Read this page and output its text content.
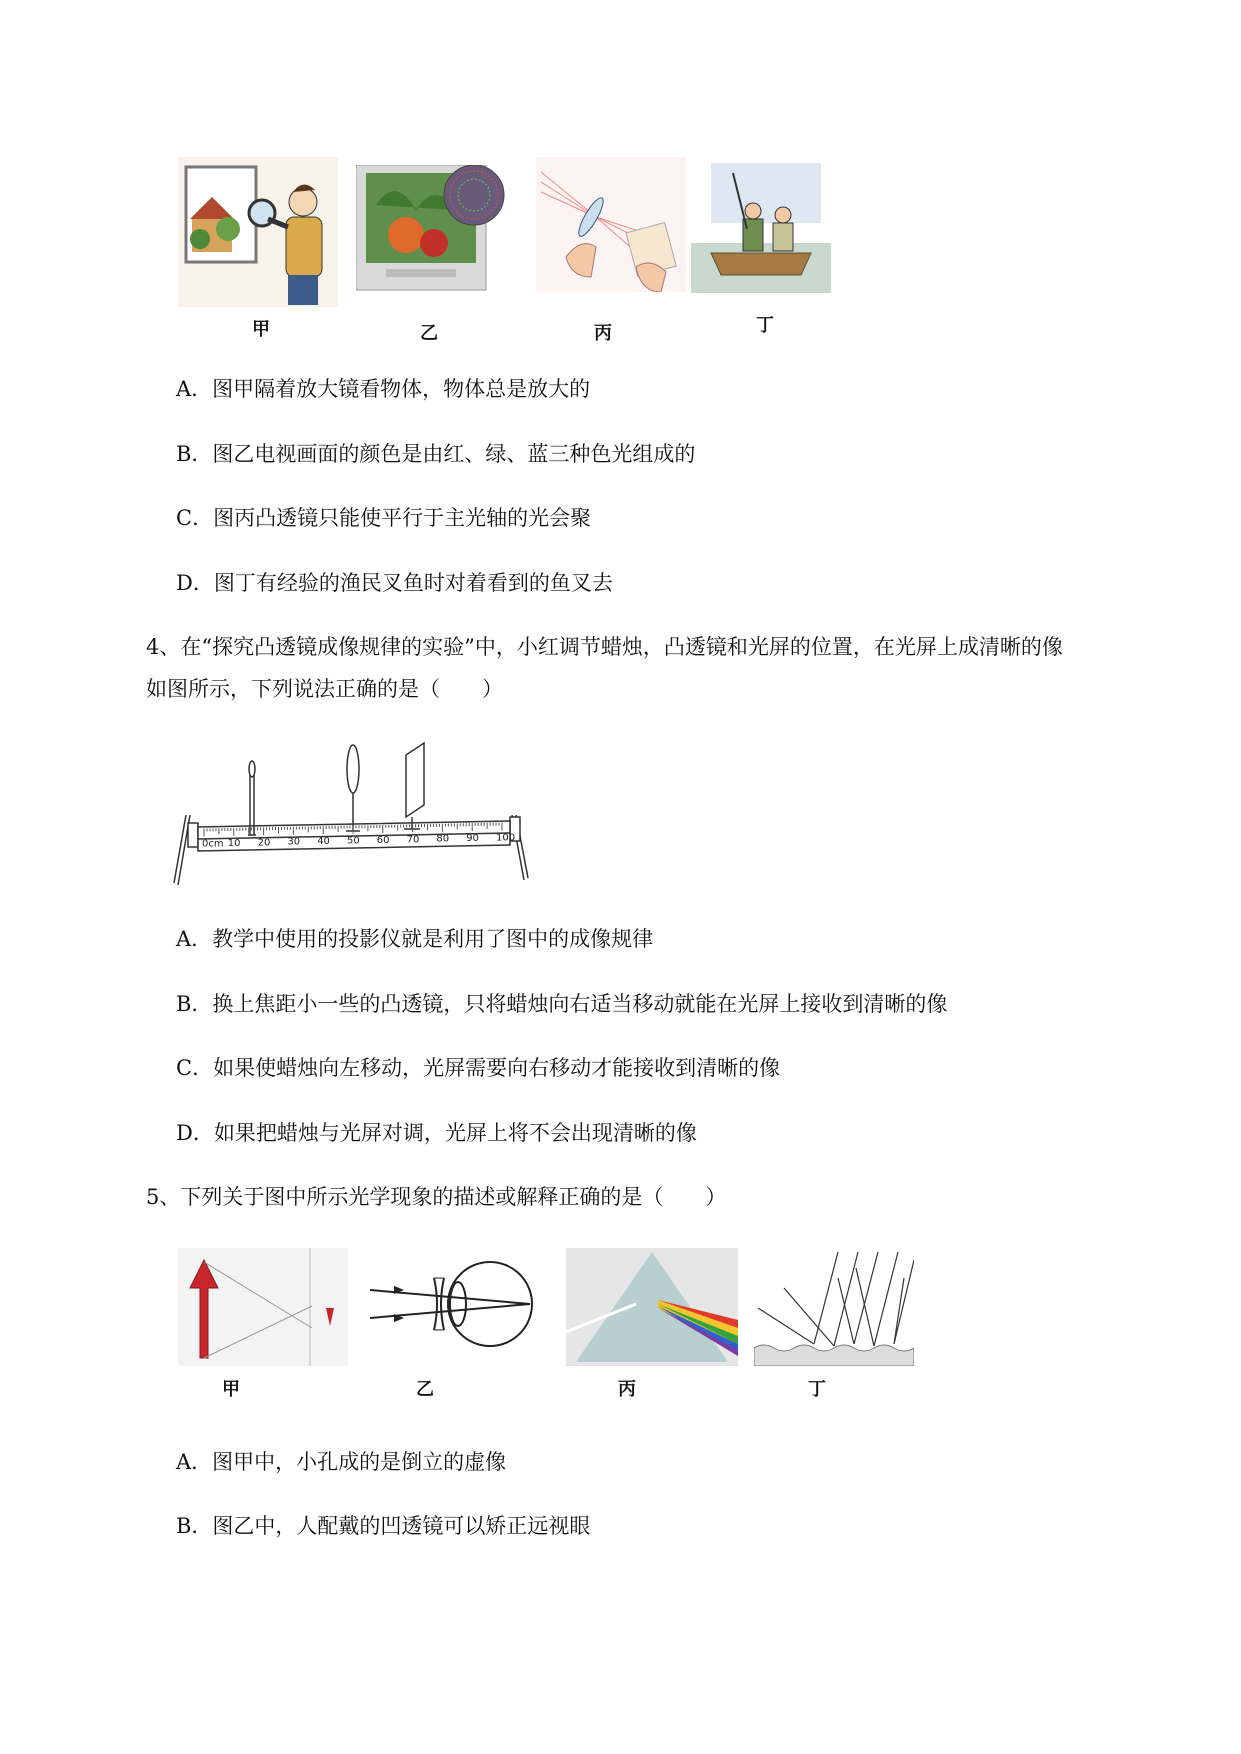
甲	乙	丙	丁
A．图甲隔着放大镜看物体，物体总是放大的
B．图乙电视画面的颜色是由红、绿、蓝三种色光组成的
C．图丙凸透镜只能使平行于主光轴的光会聚
D．图丁有经验的渔民叉鱼时对着看到的鱼叉去
4、在“探究凸透镜成像规律的实验”中，小红调节蜡烛，凸透镜和光屏的位置，在光屏上成清晰的像
如图所示，下列说法正确的是（　　）
0cm 10 20 30 40 50 60 70 80 90 100
A．教学中使用的投影仪就是利用了图中的成像规律
B．换上焦距小一些的凸透镜，只将蜡烛向右适当移动就能在光屏上接收到清晰的像
C．如果使蜡烛向左移动，光屏需要向右移动才能接收到清晰的像
D．如果把蜡烛与光屏对调，光屏上将不会出现清晰的像
5、下列关于图中所示光学现象的描述或解释正确的是（　　）
甲	乙	丙	丁
A．图甲中，小孔成的是倒立的虚像
B．图乙中，人配戴的凹透镜可以矫正远视眼
